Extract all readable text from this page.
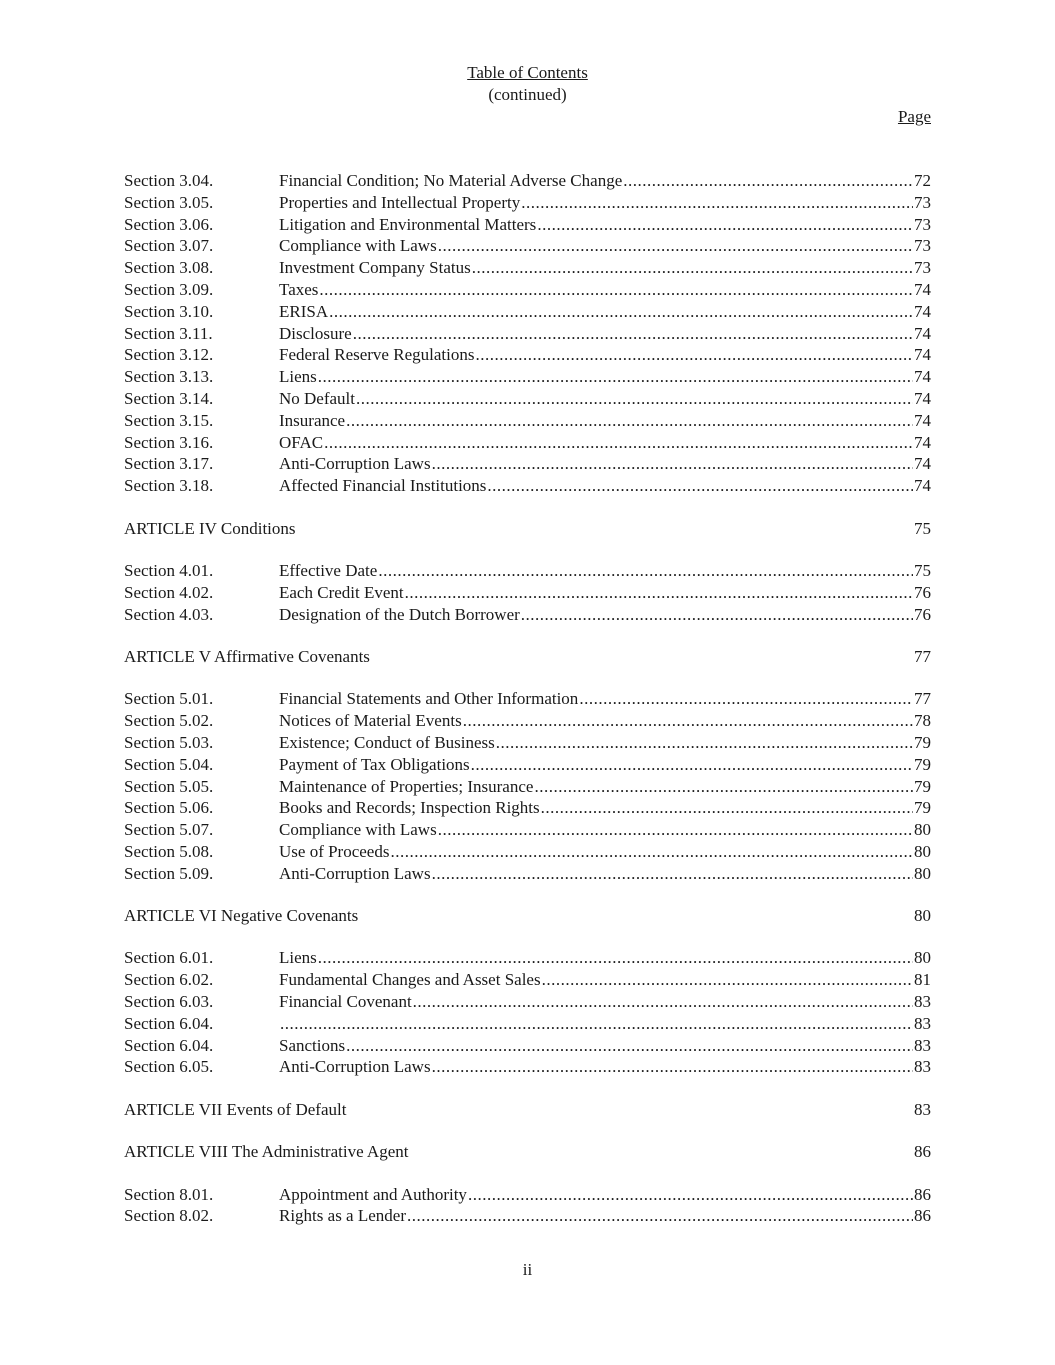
Table of Contents
(continued)
Page
Section 3.04.	Financial Condition; No Material Adverse Change .....	72
Section 3.05.	Properties and Intellectual Property .....	73
Section 3.06.	Litigation and Environmental Matters .....	73
Section 3.07.	Compliance with Laws .....	73
Section 3.08.	Investment Company Status .....	73
Section 3.09.	Taxes .....	74
Section 3.10.	ERISA .....	74
Section 3.11.	Disclosure .....	74
Section 3.12.	Federal Reserve Regulations .....	74
Section 3.13.	Liens .....	74
Section 3.14.	No Default .....	74
Section 3.15.	Insurance .....	74
Section 3.16.	OFAC .....	74
Section 3.17.	Anti-Corruption Laws .....	74
Section 3.18.	Affected Financial Institutions .....	74
ARTICLE IV Conditions	75
Section 4.01.	Effective Date .....	75
Section 4.02.	Each Credit Event .....	76
Section 4.03.	Designation of the Dutch Borrower .....	76
ARTICLE V Affirmative Covenants	77
Section 5.01.	Financial Statements and Other Information .....	77
Section 5.02.	Notices of Material Events .....	78
Section 5.03.	Existence; Conduct of Business .....	79
Section 5.04.	Payment of Tax Obligations .....	79
Section 5.05.	Maintenance of Properties; Insurance .....	79
Section 5.06.	Books and Records; Inspection Rights .....	79
Section 5.07.	Compliance with Laws .....	80
Section 5.08.	Use of Proceeds .....	80
Section 5.09.	Anti-Corruption Laws .....	80
ARTICLE VI Negative Covenants	80
Section 6.01.	Liens .....	80
Section 6.02.	Fundamental Changes and Asset Sales .....	81
Section 6.03.	Financial Covenant .....	83
Section 6.04. .....	83
Section 6.04.	Sanctions .....	83
Section 6.05.	Anti-Corruption Laws .....	83
ARTICLE VII Events of Default	83
ARTICLE VIII The Administrative Agent	86
Section 8.01.	Appointment and Authority .....	86
Section 8.02.	Rights as a Lender .....	86
ii
